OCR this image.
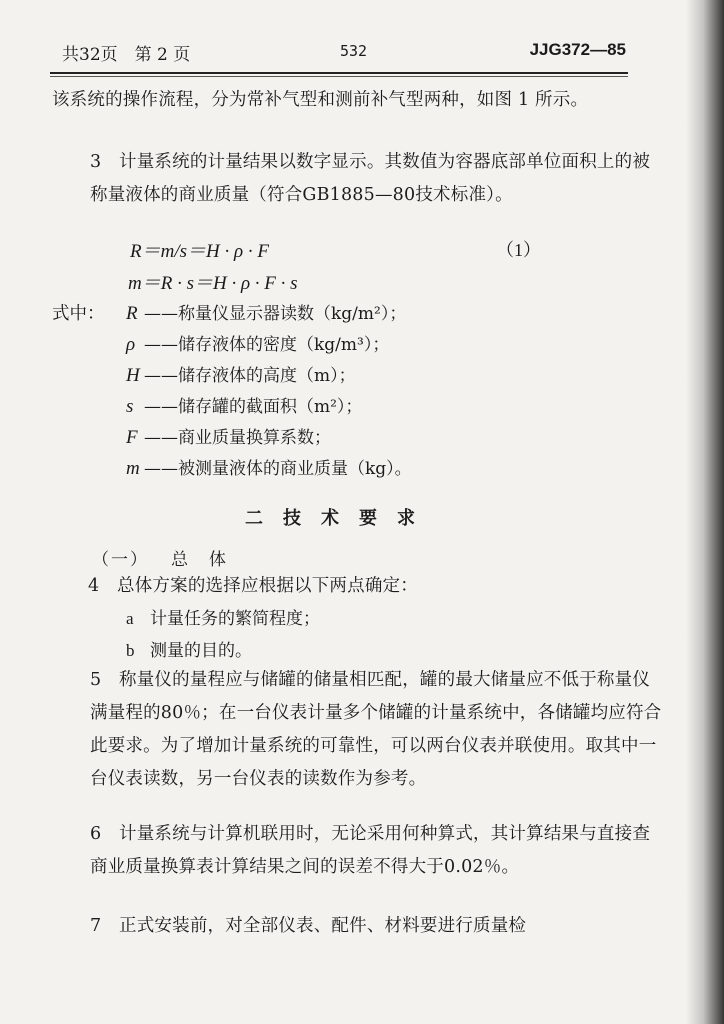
共32页　第 2 页	532	JJG372—85
该系统的操作流程，分为常补气型和测前补气型两种，如图 1 所示。
3　计量系统的计量结果以数字显示。其数值为容器底部单位面积上的被称量液体的商业质量（符合GB1885—80技术标准）。
R＝m/s＝H · ρ · F	（1）
m＝R · s＝H · ρ · F · s
式中： R ——称量仪显示器读数（kg/m²）；
ρ ——储存液体的密度（kg/m³）；
H ——储存液体的高度（m）；
s ——储存罐的截面积（m²）；
F ——商业质量换算系数；
m ——被测量液体的商业质量（kg）。
二技术要求
（一） 总　体
4　总体方案的选择应根据以下两点确定：
a 计量任务的繁简程度；
b 测量的目的。
5　称量仪的量程应与储罐的储量相匹配，罐的最大储量应不低于称量仪满量程的80％；在一台仪表计量多个储罐的计量系统中，各储罐均应符合此要求。为了增加计量系统的可靠性，可以两台仪表并联使用。取其中一台仪表读数，另一台仪表的读数作为参考。
6　计量系统与计算机联用时，无论采用何种算式，其计算结果与直接查商业质量换算表计算结果之间的误差不得大于0.02％。
7　正式安装前，对全部仪表、配件、材料要进行质量检
